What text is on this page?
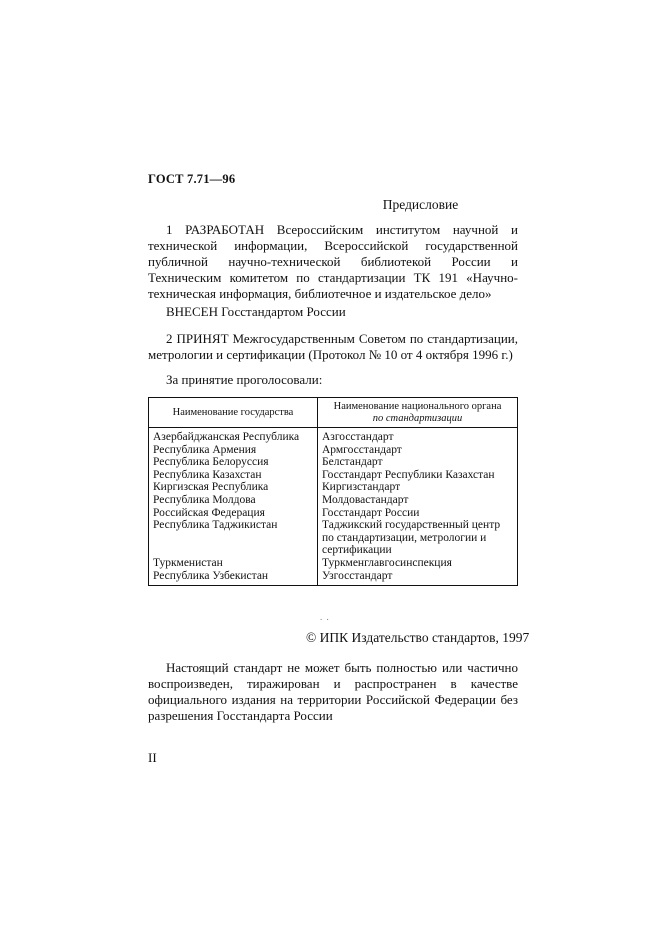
ГОСТ 7.71—96
Предисловие

1 РАЗРАБОТАН Всероссийским институтом научной и технической информации, Всероссийской государственной публичной научно-технической библиотекой России и Техническим комитетом по стандартизации ТК 191 «Научно-техническая информация, библиотечное и издательское дело»

ВНЕСЕН Госстандартом России

2 ПРИНЯТ Межгосударственным Советом по стандартизации, метрологии и сертификации (Протокол № 10 от 4 октября 1996 г.)

За принятие проголосовали:

Наименование государства	Наименование национального органа
по стандартизации

Азербайджанская Республика	Азгосстандарт
Республика Армения	Армгосстандарт
Республика Белоруссия	Белстандарт
Республика Казахстан	Госстандарт Республики Казахстан
Киргизская Республика	Киргизстандарт
Республика Молдова	Молдовастандарт
Российская Федерация	Госстандарт России
Республика Таджикистан	Таджикский государственный центр по стандартизации, метрологии и сертификации
Туркменистан	Туркменглавгосинспекция
Республика Узбекистан	Узгосстандарт
. .
© ИПК Издательство стандартов, 1997

Настоящий стандарт не может быть полностью или частично воспроизведен, тиражирован и распространен в качестве официального издания на территории Российской Федерации без разрешения Госстандарта России

II
